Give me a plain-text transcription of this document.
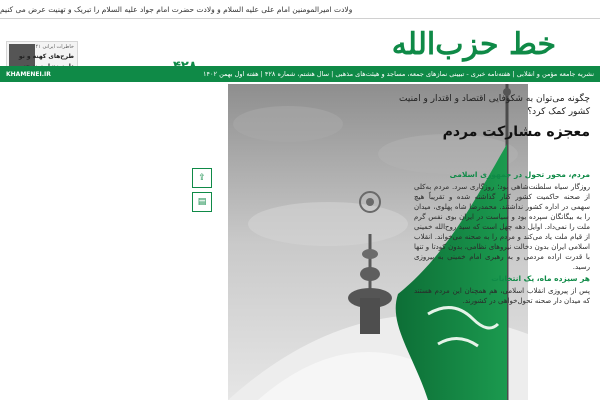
ولادت امیرالمومنین امام علی علیه السلام و ولادت حضرت امام جواد علیه السلام را تبریک و تهنیت عرض می کنیم
خاطرات ایرانی ۴۱
طرح‌های کهنه و نو	خط حزب‌الله
KHAMENEI.IR	نشریه جامعه مؤمن و انقلابی | هفته‌نامه خبری - تبیینی نمازهای جمعه، مساجد و هیئت‌های مذهبی | سال هشتم، شماره ۴۲۸ | هفته اول بهمن ۱۴۰۲
چگونه می‌توان به شکوفایی اقتصاد و اقتدار و امنیت کشور کمک کرد؟
معجزه مشارکت مردم
⇪
▤
مردم، محور تحول در جمهوری اسلامی
روزگار سیاه سلطنت‌شاهی بود؛ روزگاری سرد. مردم به‌کلی از صحنه حاکمیت کشور کنار گذاشته شده و تقریباً هیچ سهمی در اداره کشور نداشتند. محمدرضا شاه پهلوی، میدان را به‌ بیگانگان سپرده بود و سیاست در ایران بوی نفس گرم ملت را نمی‌داد. اوایل دهه چهل است که سید روح‌الله خمینی از قیام ملت یاد می‌کند و مردم را به صحنه می‌خواند. انقلاب اسلامی ایران بدون دخالت نیروهای نظامی، بدون کودتا و تنها با قدرت اراده مردمی و به رهبری امام خمینی به پیروزی رسید.
هر سیزده ماه، یک انتخابات
پس از پیروزی انقلاب اسلامی، هم همچنان این مردم هستند که میدان دار صحنه تحول‌خواهی در کشورند.
